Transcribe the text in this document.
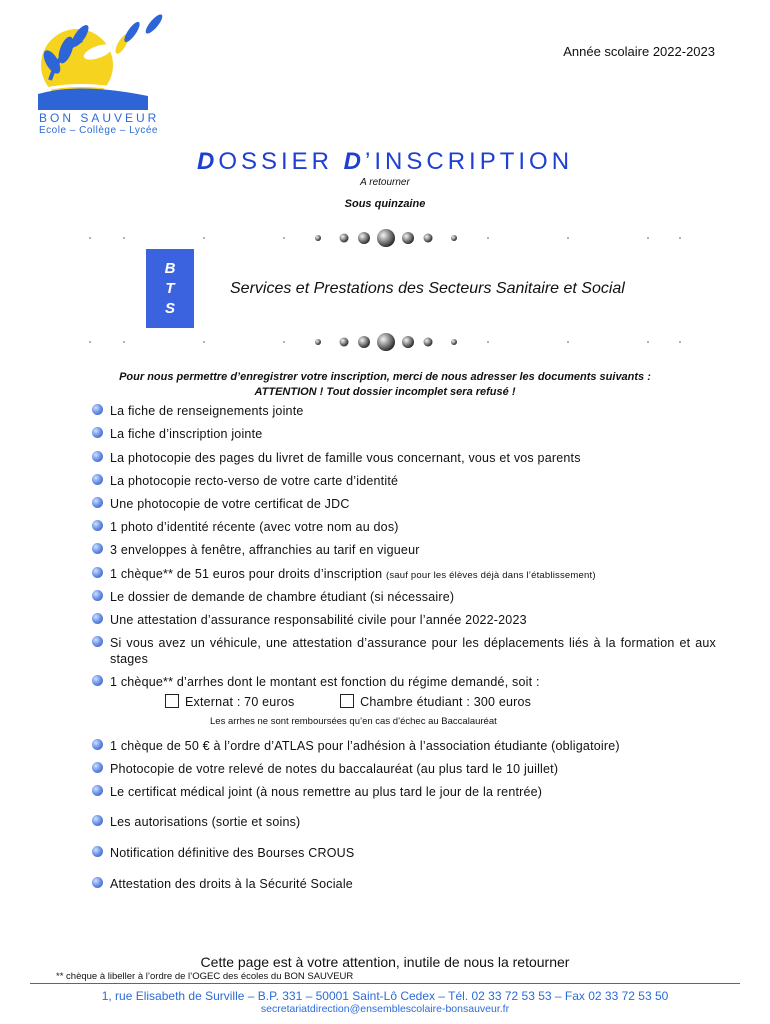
Année scolaire 2022-2023
BON SAUVEUR
Ecole – Collège – Lycée
DOSSIER D’INSCRIPTION
A retourner
Sous quinzaine
B
T
S
Services et Prestations des Secteurs Sanitaire et Social
Pour nous permettre d’enregistrer votre inscription, merci de nous adresser les documents suivants :
ATTENTION ! Tout dossier incomplet sera refusé !
La fiche de renseignements jointe
La fiche d’inscription jointe
La photocopie des pages du livret de famille vous concernant, vous et vos parents
La photocopie recto-verso de votre carte d’identité
Une photocopie de votre certificat de JDC
1 photo d’identité récente (avec votre nom au dos)
3 enveloppes à fenêtre, affranchies au tarif en vigueur
1 chèque** de 51 euros pour droits d’inscription (sauf pour les élèves déjà dans l’établissement)
Le dossier de demande de chambre étudiant (si nécessaire)
Une attestation d’assurance responsabilité civile pour l’année 2022-2023
Si vous avez un véhicule, une attestation d’assurance pour les déplacements liés à la formation et aux stages
1 chèque** d’arrhes dont le montant est fonction du régime demandé, soit :
Externat : 70 euros	Chambre étudiant : 300 euros
Les arrhes ne sont remboursées qu’en cas d’échec au Baccalauréat
1 chèque de 50 € à l’ordre d’ATLAS pour l’adhésion à l’association étudiante (obligatoire)
Photocopie de votre relevé de notes du baccalauréat (au plus tard le 10 juillet)
Le certificat médical joint (à nous remettre au plus tard le jour de la rentrée)
Les autorisations (sortie et soins)
Notification définitive des Bourses CROUS
Attestation des droits à la Sécurité Sociale
Cette page est à votre attention, inutile de nous la retourner
** chèque à libeller à l’ordre de l’OGEC des écoles du BON SAUVEUR
1, rue Elisabeth de Surville – B.P. 331 – 50001 Saint-Lô Cedex – Tél. 02 33 72 53 53 – Fax 02 33 72 53 50
secretariatdirection@ensemblescolaire-bonsauveur.fr
